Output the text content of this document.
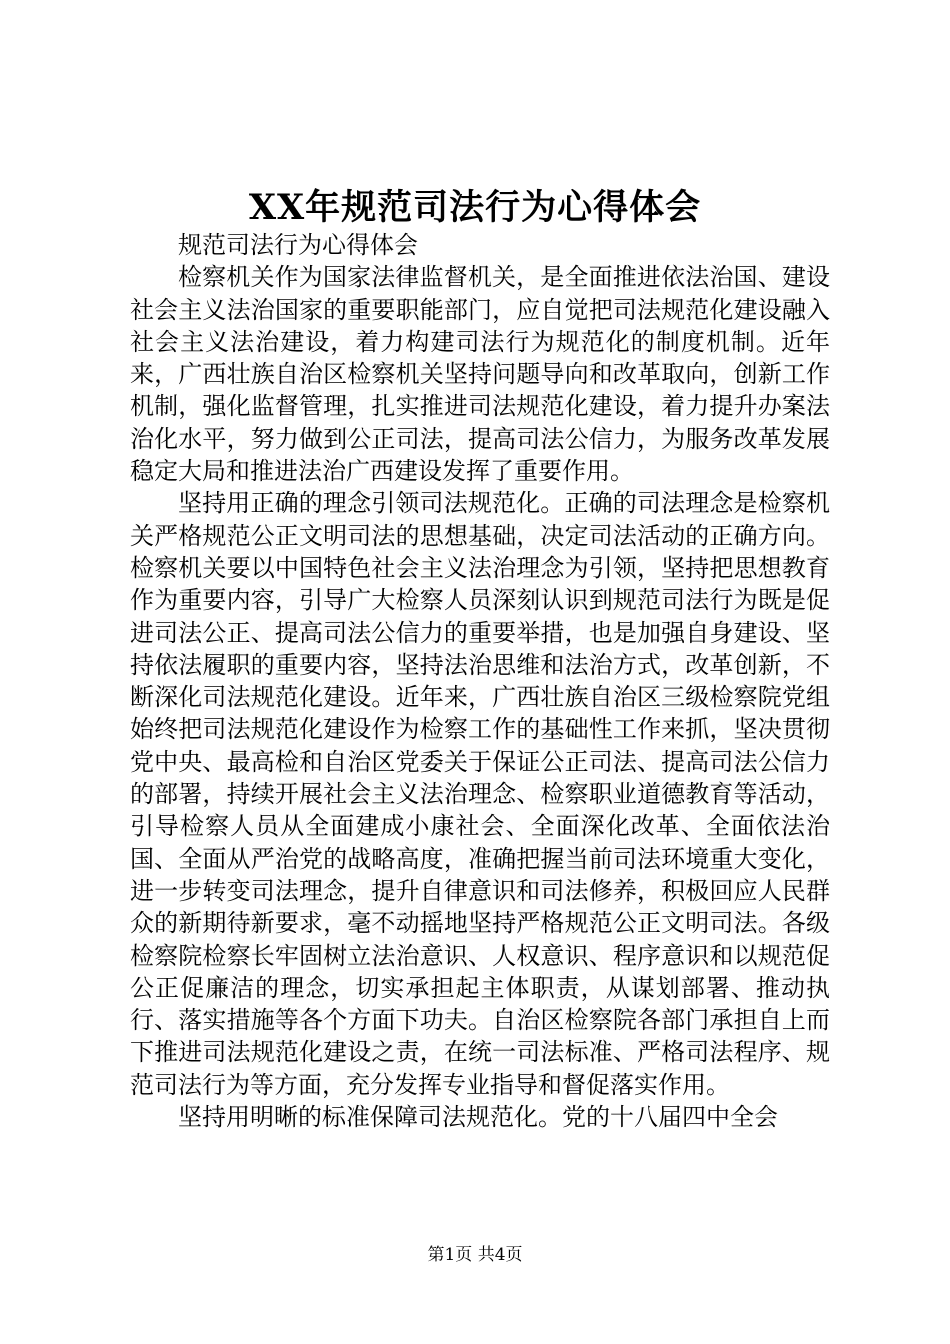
XX年规范司法行为心得体会

规范司法行为心得体会

检察机关作为国家法律监督机关，是全面推进依法治国、建设社会主义法治国家的重要职能部门，应自觉把司法规范化建设融入社会主义法治建设，着力构建司法行为规范化的制度机制。近年来，广西壮族自治区检察机关坚持问题导向和改革取向，创新工作机制，强化监督管理，扎实推进司法规范化建设，着力提升办案法治化水平，努力做到公正司法，提高司法公信力，为服务改革发展稳定大局和推进法治广西建设发挥了重要作用。

坚持用正确的理念引领司法规范化。正确的司法理念是检察机关严格规范公正文明司法的思想基础，决定司法活动的正确方向。检察机关要以中国特色社会主义法治理念为引领，坚持把思想教育作为重要内容，引导广大检察人员深刻认识到规范司法行为既是促进司法公正、提高司法公信力的重要举措，也是加强自身建设、坚持依法履职的重要内容，坚持法治思维和法治方式，改革创新，不断深化司法规范化建设。近年来，广西壮族自治区三级检察院党组始终把司法规范化建设作为检察工作的基础性工作来抓，坚决贯彻党中央、最高检和自治区党委关于保证公正司法、提高司法公信力的部署，持续开展社会主义法治理念、检察职业道德教育等活动，引导检察人员从全面建成小康社会、全面深化改革、全面依法治国、全面从严治党的战略高度，准确把握当前司法环境重大变化，进一步转变司法理念，提升自律意识和司法修养，积极回应人民群众的新期待新要求，毫不动摇地坚持严格规范公正文明司法。各级检察院检察长牢固树立法治意识、人权意识、程序意识和以规范促公正促廉洁的理念，切实承担起主体职责，从谋划部署、推动执行、落实措施等各个方面下功夫。自治区检察院各部门承担自上而下推进司法规范化建设之责，在统一司法标准、严格司法程序、规范司法行为等方面，充分发挥专业指导和督促落实作用。

坚持用明晰的标准保障司法规范化。党的十八届四中全会

第1页 共4页
